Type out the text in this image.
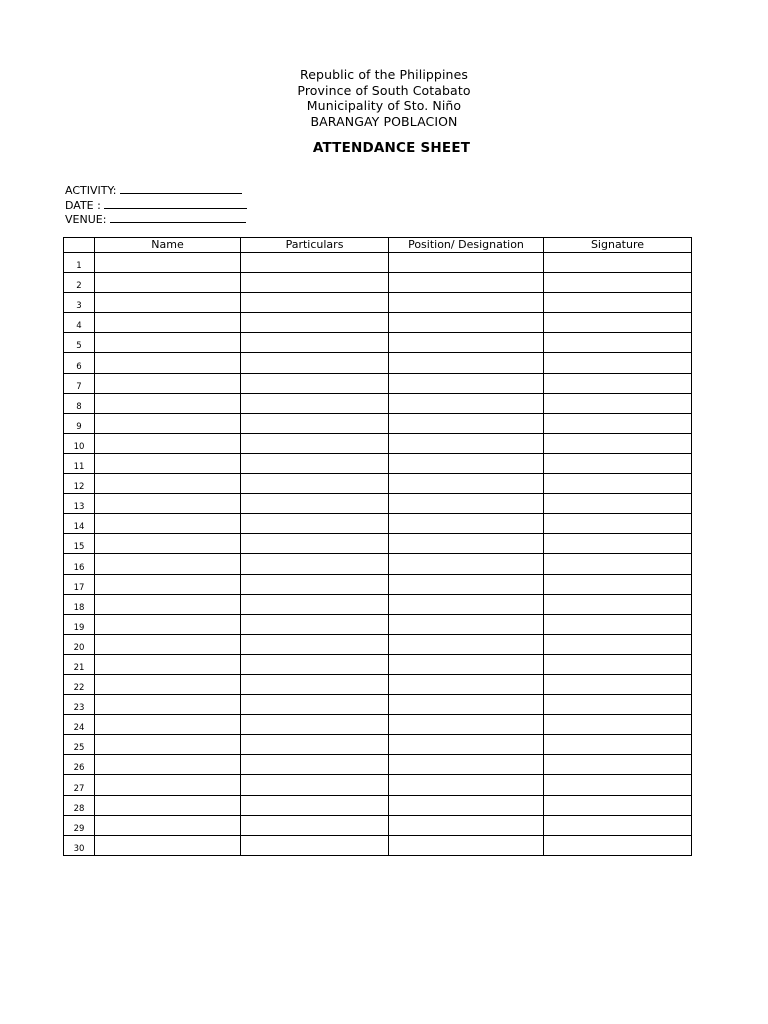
Republic of the Philippines
Province of South Cotabato
Municipality of Sto. Niño
BARANGAY POBLACION
ATTENDANCE SHEET
ACTIVITY:
DATE :
VENUE:
	Name	Particulars	Position/ Designation	Signature
1				
2				
3				
4				
5				
6				
7				
8				
9				
10				
11				
12				
13				
14				
15				
16				
17				
18				
19				
20				
21				
22				
23				
24				
25				
26				
27				
28				
29				
30				
